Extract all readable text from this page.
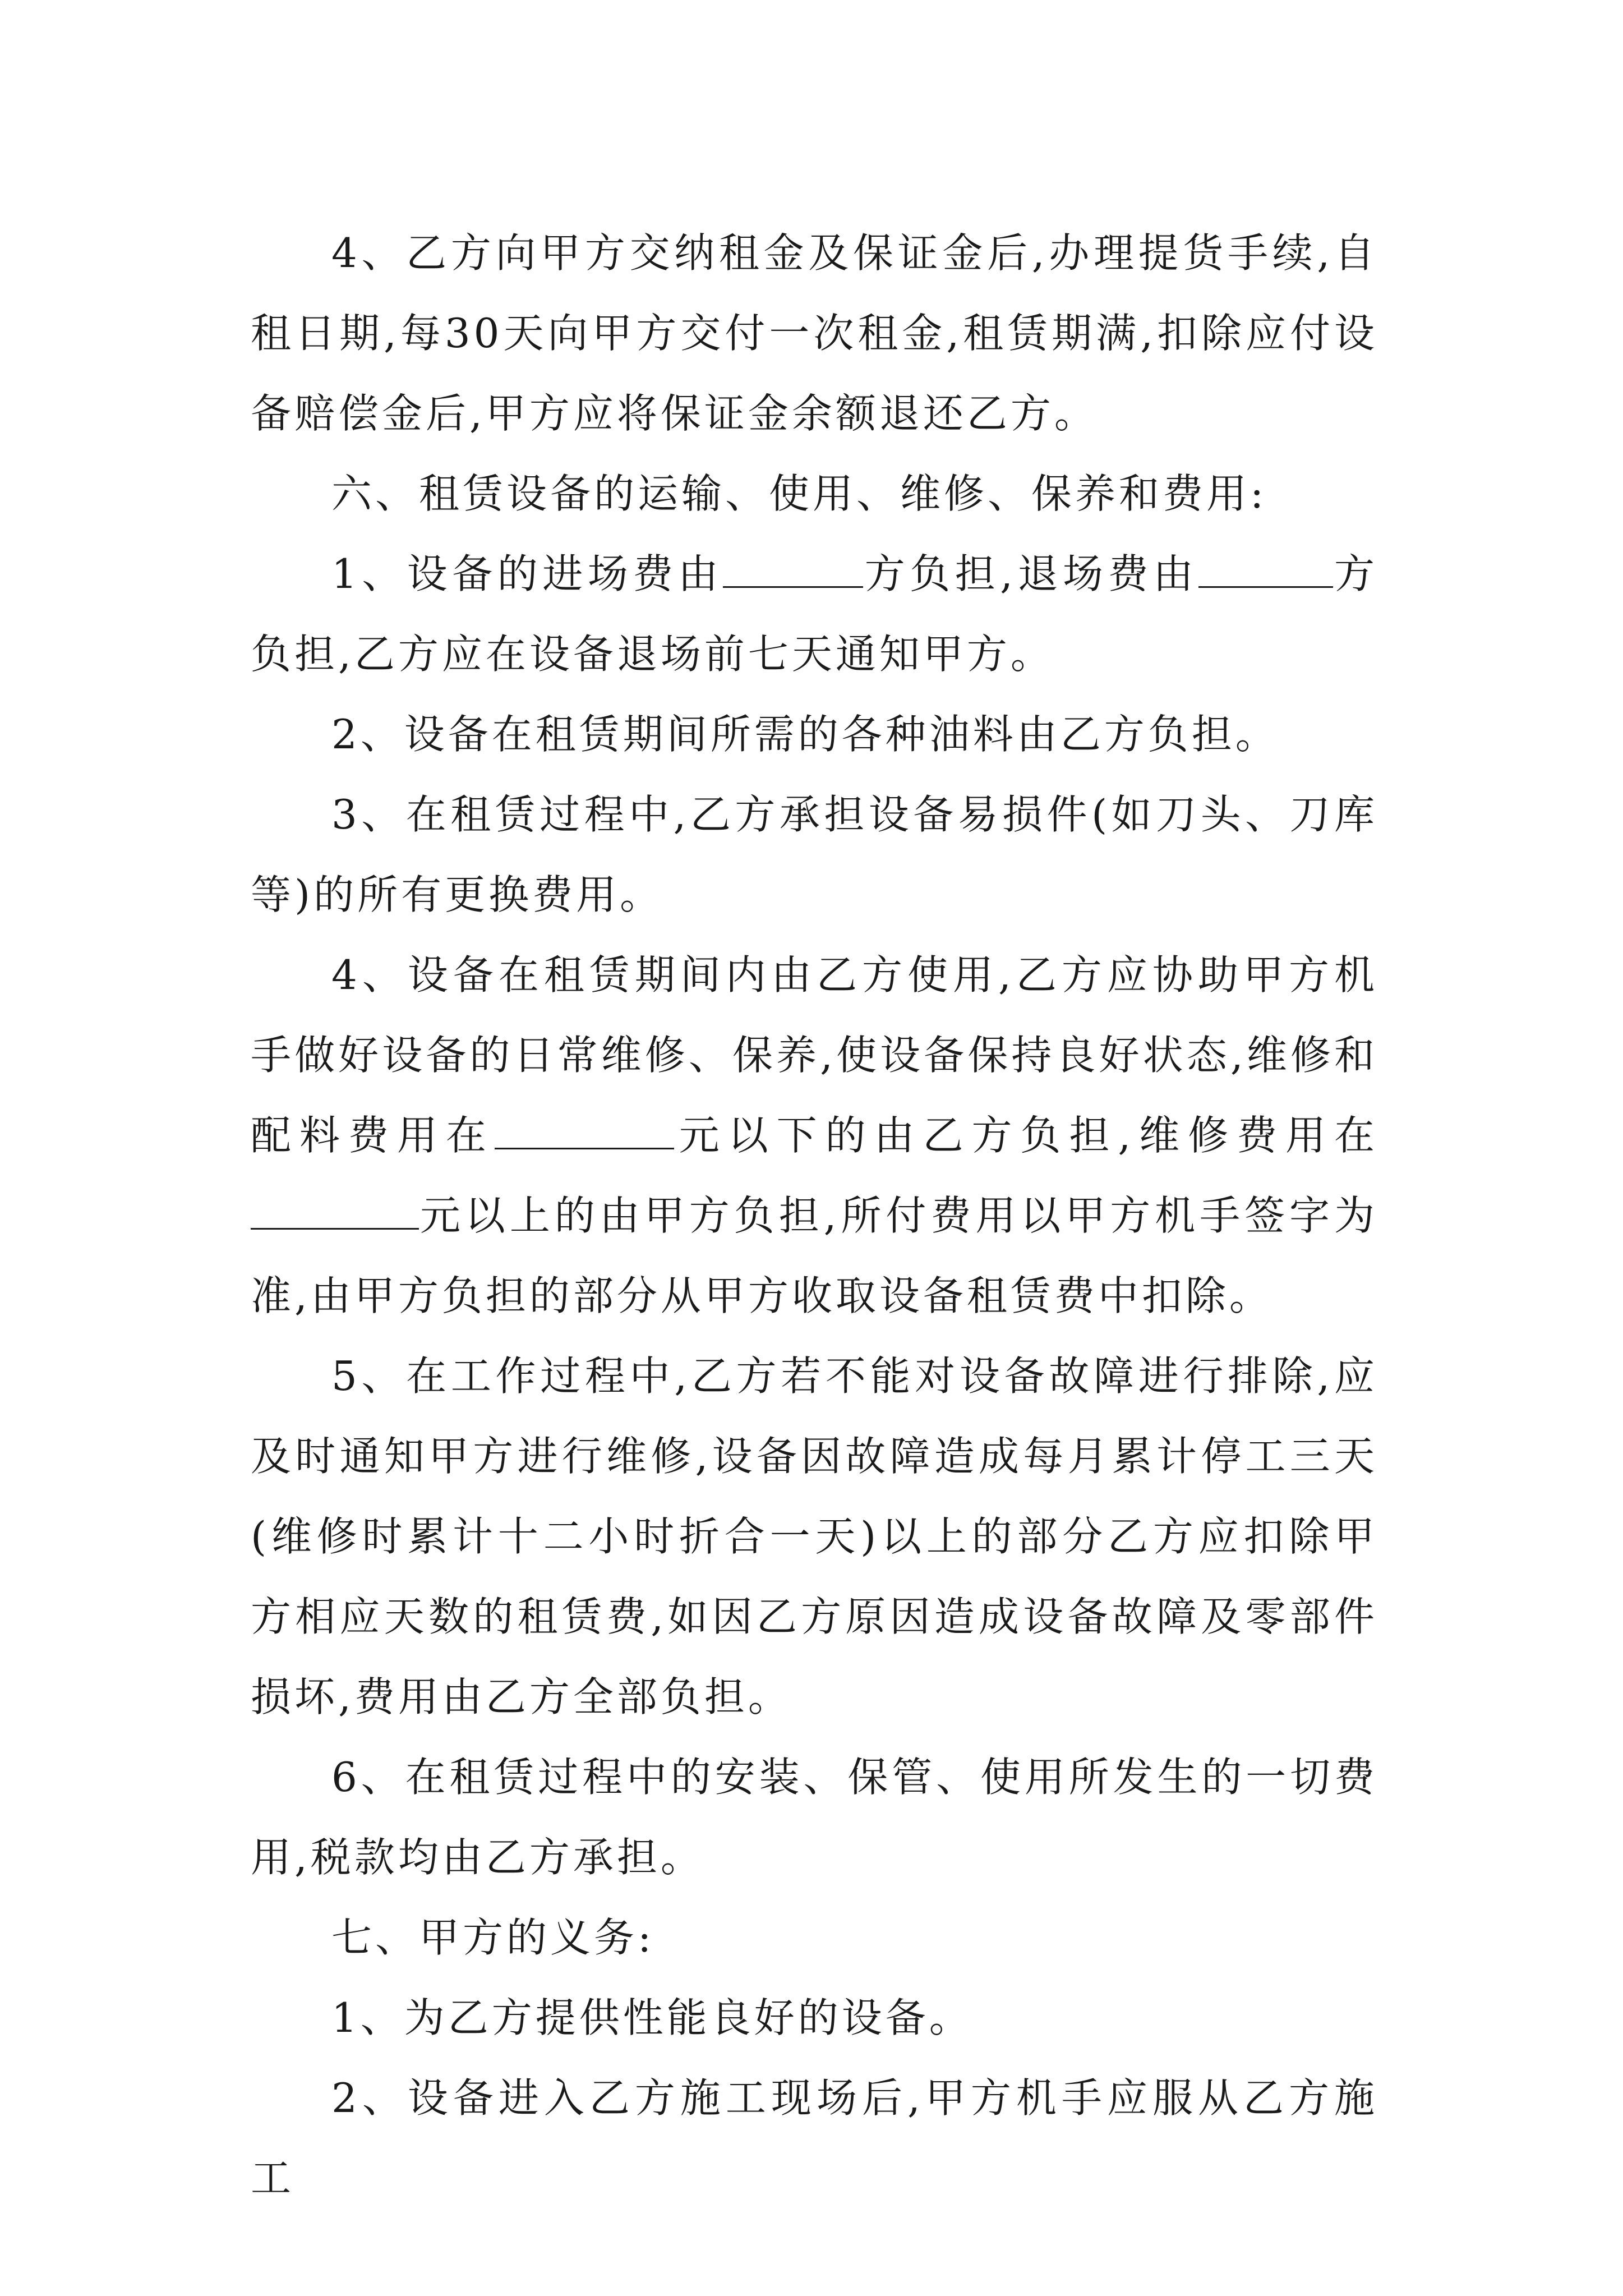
4、乙方向甲方交纳租金及保证金后,办理提货手续,自租日期,每30天向甲方交付一次租金,租赁期满,扣除应付设备赔偿金后,甲方应将保证金余额退还乙方。

六、租赁设备的运输、使用、维修、保养和费用:

1、设备的进场费由	方负担,退场费由	方负担,乙方应在设备退场前七天通知甲方。

2、设备在租赁期间所需的各种油料由乙方负担。

3、在租赁过程中,乙方承担设备易损件(如刀头、刀库等)的所有更换费用。

4、设备在租赁期间内由乙方使用,乙方应协助甲方机手做好设备的日常维修、保养,使设备保持良好状态,维修和配料费用在	元以下的由乙方负担,维修费用在元以上的由甲方负担,所付费用以甲方机手签字为准,由甲方负担的部分从甲方收取设备租赁费中扣除。

5、在工作过程中,乙方若不能对设备故障进行排除,应及时通知甲方进行维修,设备因故障造成每月累计停工三天(维修时累计十二小时折合一天)以上的部分乙方应扣除甲方相应天数的租赁费,如因乙方原因造成设备故障及零部件损坏,费用由乙方全部负担。

6、在租赁过程中的安装、保管、使用所发生的一切费用,税款均由乙方承担。

七、甲方的义务:

1、为乙方提供性能良好的设备。

2、设备进入乙方施工现场后,甲方机手应服从乙方施工
